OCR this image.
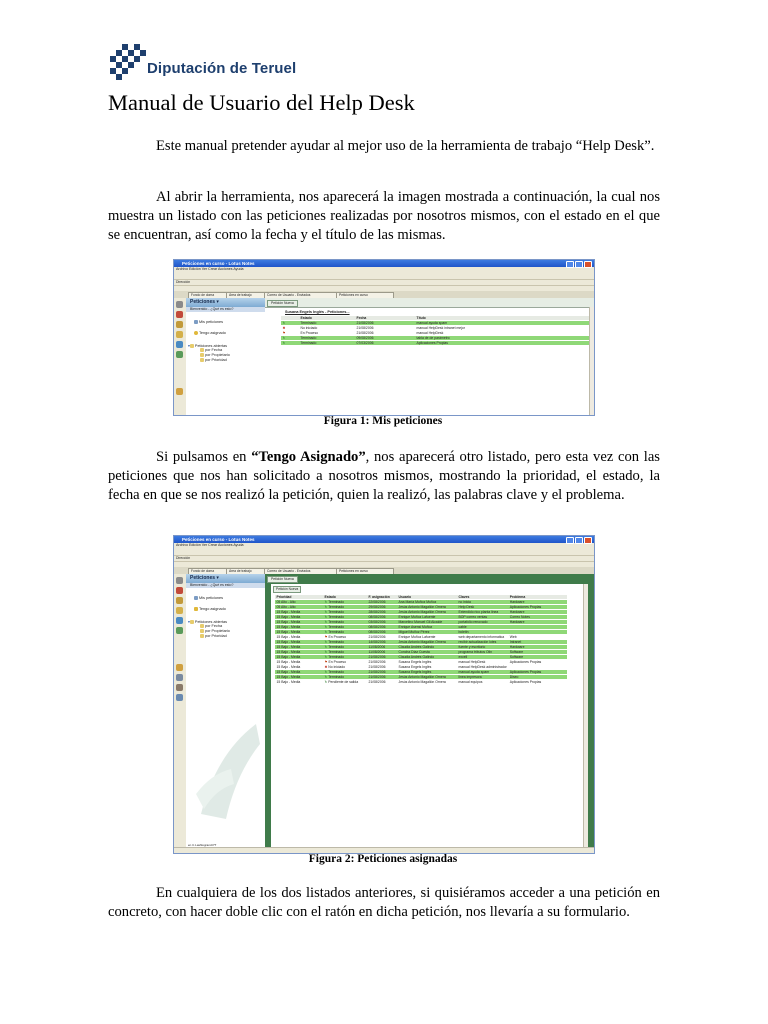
Diputación de Teruel
Manual de Usuario del Help Desk

Este manual pretender ayudar al mejor uso de la herramienta de trabajo “Help Desk”.

Al abrir la herramienta, nos aparecerá la imagen mostrada a continuación, la cual nos muestra un listado con las peticiones realizadas por nosotros mismos, con el estado en el que se encuentran, así como la fecha y el título de las mismas.

Peticiones en curso - Lotus Notes
Archivo Edición Ver Crear Acciones Ayuda
Dirección
Fondo de doma	Área de trabajo	Correo de Usuario - Enviados	Peticiones en curso
Peticiones ▾
Bienvenido - ¿Qué es esto?
Mis peticiones
Tengo asignado
▾ Peticiones abiertas
por Fecha
por Propietario
por Prioridad
Petición Nueva
Susana Engels Inglés - Peticiones...
	Estado	Fecha	Título
↻	Terminado	21/08/2006	manual ayuda spam
✖	No iniciado	21/08/2006	manual HelpDesk intranet mejor
⚑	En Proceso	21/08/2006	manual HelpDesk
↻	Terminado	09/08/2006	tabla de de parámetro
↻	Terminado	07/03/2006	Aplicaciones Propias
Figura 1: Mis peticiones

Si pulsamos en “Tengo Asignado”, nos aparecerá otro listado, pero esta vez con las peticiones que nos han solicitado a nosotros mismos, mostrando la prioridad, el estado, la fecha en que se nos realizó la petición, quien la realizó, las palabras clave y el problema.

Peticiones en curso - Lotus Notes
Archivo Edición Ver Crear Acciones Ayuda
Dirección
Fondo de doma	Área de trabajo	Correo de Usuario - Enviados	Peticiones en curso
Peticiones ▾
Bienvenido - ¿Qué es esto?
Mis peticiones
Tengo asignado
▾ Peticiones abiertas
por Fecha
por Propietario
por Prioridad
en C.Lashlogrand.PT
Petición Nueva
Petición Nueva
Prioridad	Estado	F. asignación	Usuario	Claves	Problema
05 Alto - Alto	↻ Terminado	22/08/2006	Ana María Muñoz Muñoz	no inicia	Hardware
05 Alto - Alto	↻ Terminado	29/08/2006	Jesús Antonio Magallón Ornera	Help Desk	Aplicaciones Propias
15 Bajo - Media	↻ Terminado	28/08/2006	Jesús Antonio Magallón Ornera	Extendido rico planta linea	Hardware
15 Bajo - Media	↻ Terminado	08/08/2006	Enrique Muñoz Lafuente	BOP correo ventas	Correo Notes
15 Bajo - Media	↻ Terminado	03/08/2006	Marcelino Manuel Gil Alcaide	portafolio renovado	Hardware
15 Bajo - Media	↻ Terminado	08/08/2006	Enrique Asensi Muñoz	cable	
15 Bajo - Media	↻ Terminado	08/08/2006	Miguel Muñoz Pérez	boletin	
15 Bajo - Media	⚑ En Proceso	21/08/2006	Enrique Muñoz Lafuente	web departamento informatica	Web
15 Bajo - Media	↻ Terminado	14/08/2006	Jesús Antonio Magallón Ornera	recibir actualización lotes	Intranet
15 Bajo - Media	↻ Terminado	11/08/2006	Claudia Andrés Galindo	fuente y escritorio	Hardware
15 Bajo - Media	↻ Terminado	11/08/2006	Concha Díaz Cuesta	programa tributos Olin	Software
15 Bajo - Media	↻ Terminado	21/08/2006	Claudia Andrés Galindo	excell	Software
15 Bajo - Media	⚑ En Proceso	21/08/2006	Susana Engels Inglés	manual HelpDesk	Aplicaciones Propias
15 Bajo - Media	✖ No iniciado	21/08/2006	Susana Engels Inglés	manual HelpDesk administrador	
15 Bajo - Media	↻ Terminado	21/08/2006	Susana Engels Inglés	manual ayuda spam	Aplicaciones Propias
15 Bajo - Media	↻ Terminado	21/08/2006	Jesús Antonio Magallón Ornera	linea impresora	Diseo
15 Bajo - Media	↻ Pendiente de salida	21/08/2006	Jesús Antonio Magallón Ornera	manual equipos	Aplicaciones Propias
Figura 2: Peticiones asignadas

En cualquiera de los dos listados anteriores, si quisiéramos acceder a una petición en concreto, con hacer doble clic con el ratón en dicha petición, nos llevaría a su formulario.
